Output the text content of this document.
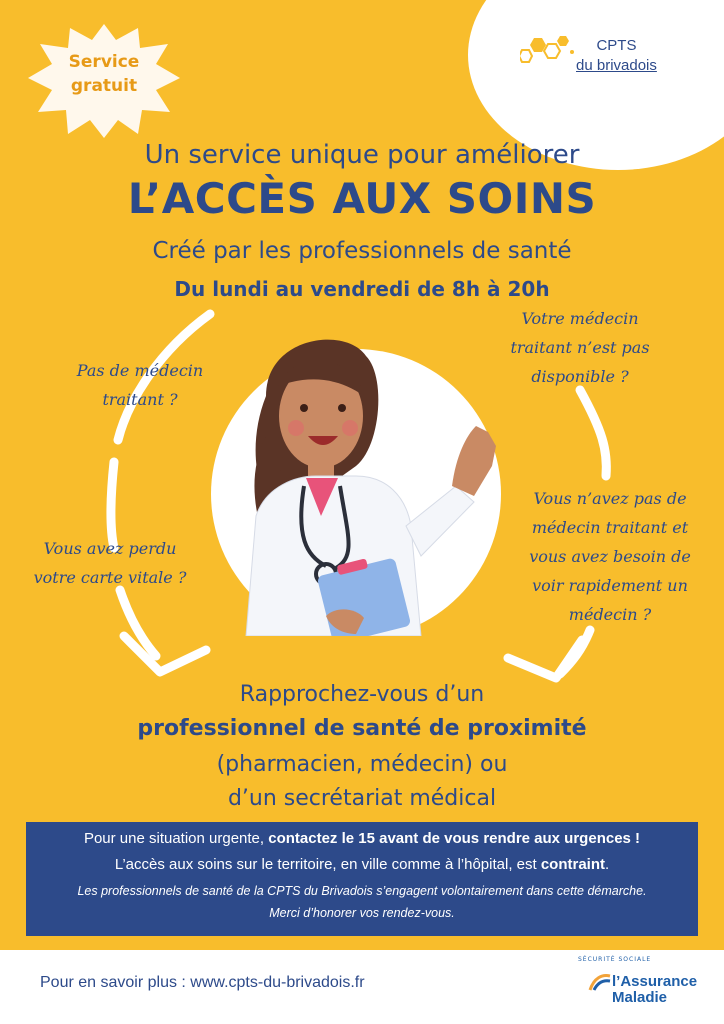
CPTS
du brivadois
Service
gratuit
Un service unique pour améliorer
L’ACCÈS AUX SOINS
Créé par les professionnels de santé
Du lundi au vendredi de 8h à 20h
Pas de médecin
traitant ?
Votre médecin
traitant n’est pas
disponible ?
Vous avez perdu
votre carte vitale ?
Vous n’avez pas de
médecin traitant et
vous avez besoin de
voir rapidement un
médecin ?
Rapprochez-vous d’un
professionnel de santé de proximité
(pharmacien, médecin) ou
d’un secrétariat médical

Pour une situation urgente, contactez le 15 avant de vous rendre aux urgences !

L’accès aux soins sur le territoire, en ville comme à l’hôpital, est contraint.

Les professionnels de santé de la CPTS du Brivadois s’engagent volontairement dans cette démarche.

Merci d’honorer vos rendez-vous.

Pour en savoir plus : www.cpts-du-brivadois.fr
SÉCURITÉ SOCIALE
l’Assurance
Maladie
